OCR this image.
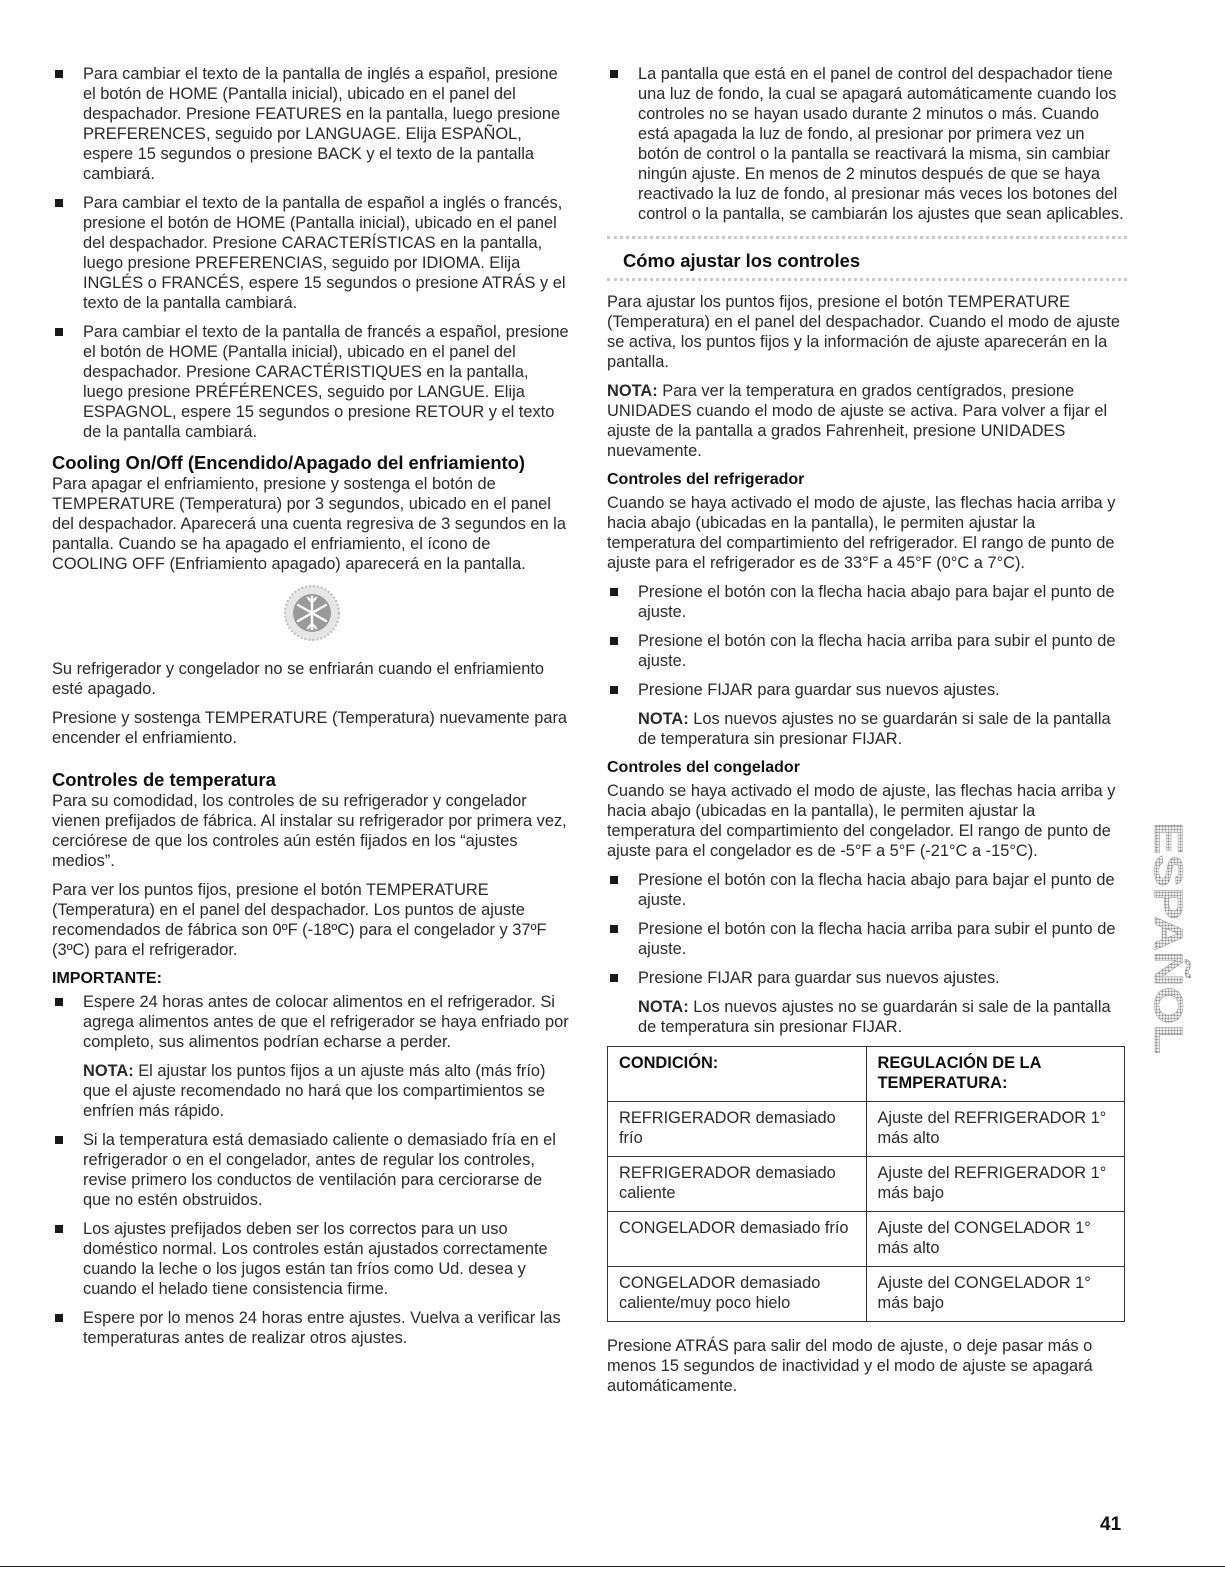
Para cambiar el texto de la pantalla de inglés a español, presione el botón de HOME (Pantalla inicial), ubicado en el panel del despachador. Presione FEATURES en la pantalla, luego presione PREFERENCES, seguido por LANGUAGE. Elija ESPAÑOL, espere 15 segundos o presione BACK y el texto de la pantalla cambiará.
Para cambiar el texto de la pantalla de español a inglés o francés, presione el botón de HOME (Pantalla inicial), ubicado en el panel del despachador. Presione CARACTERÍSTICAS en la pantalla, luego presione PREFERENCIAS, seguido por IDIOMA. Elija INGLÉS o FRANCÉS, espere 15 segundos o presione ATRÁS y el texto de la pantalla cambiará.
Para cambiar el texto de la pantalla de francés a español, presione el botón de HOME (Pantalla inicial), ubicado en el panel del despachador. Presione CARACTÉRISTIQUES en la pantalla, luego presione PRÉFÉRENCES, seguido por LANGUE. Elija ESPAGNOL, espere 15 segundos o presione RETOUR y el texto de la pantalla cambiará.
Cooling On/Off (Encendido/Apagado del enfriamiento)

Para apagar el enfriamiento, presione y sostenga el botón de TEMPERATURE (Temperatura) por 3 segundos, ubicado en el panel del despachador. Aparecerá una cuenta regresiva de 3 segundos en la pantalla. Cuando se ha apagado el enfriamiento, el ícono de COOLING OFF (Enfriamiento apagado) aparecerá en la pantalla.

Su refrigerador y congelador no se enfriarán cuando el enfriamiento esté apagado.

Presione y sostenga TEMPERATURE (Temperatura) nuevamente para encender el enfriamiento.

Controles de temperatura

Para su comodidad, los controles de su refrigerador y congelador vienen prefijados de fábrica. Al instalar su refrigerador por primera vez, cerciórese de que los controles aún estén fijados en los “ajustes medios”.

Para ver los puntos fijos, presione el botón TEMPERATURE (Temperatura) en el panel del despachador. Los puntos de ajuste recomendados de fábrica son 0ºF (-18ºC) para el congelador y 37ºF (3ºC) para el refrigerador.

IMPORTANTE:
Espere 24 horas antes de colocar alimentos en el refrigerador. Si agrega alimentos antes de que el refrigerador se haya enfriado por completo, sus alimentos podrían echarse a perder.
NOTA: El ajustar los puntos fijos a un ajuste más alto (más frío) que el ajuste recomendado no hará que los compartimientos se enfríen más rápido.
Si la temperatura está demasiado caliente o demasiado fría en el refrigerador o en el congelador, antes de regular los controles, revise primero los conductos de ventilación para cerciorarse de que no estén obstruidos.
Los ajustes prefijados deben ser los correctos para un uso doméstico normal. Los controles están ajustados correctamente cuando la leche o los jugos están tan fríos como Ud. desea y cuando el helado tiene consistencia firme.
Espere por lo menos 24 horas entre ajustes. Vuelva a verificar las temperaturas antes de realizar otros ajustes.
La pantalla que está en el panel de control del despachador tiene una luz de fondo, la cual se apagará automáticamente cuando los controles no se hayan usado durante 2 minutos o más. Cuando está apagada la luz de fondo, al presionar por primera vez un botón de control o la pantalla se reactivará la misma, sin cambiar ningún ajuste. En menos de 2 minutos después de que se haya reactivado la luz de fondo, al presionar más veces los botones del control o la pantalla, se cambiarán los ajustes que sean aplicables.
Cómo ajustar los controles

Para ajustar los puntos fijos, presione el botón TEMPERATURE (Temperatura) en el panel del despachador. Cuando el modo de ajuste se activa, los puntos fijos y la información de ajuste aparecerán en la pantalla.

NOTA: Para ver la temperatura en grados centígrados, presione UNIDADES cuando el modo de ajuste se activa. Para volver a fijar el ajuste de la pantalla a grados Fahrenheit, presione UNIDADES nuevamente.

Controles del refrigerador

Cuando se haya activado el modo de ajuste, las flechas hacia arriba y hacia abajo (ubicadas en la pantalla), le permiten ajustar la temperatura del compartimiento del refrigerador. El rango de punto de ajuste para el refrigerador es de 33°F a 45°F (0°C a 7°C).

Presione el botón con la flecha hacia abajo para bajar el punto de ajuste.
Presione el botón con la flecha hacia arriba para subir el punto de ajuste.
Presione FIJAR para guardar sus nuevos ajustes.
NOTA: Los nuevos ajustes no se guardarán si sale de la pantalla de temperatura sin presionar FIJAR.
Controles del congelador

Cuando se haya activado el modo de ajuste, las flechas hacia arriba y hacia abajo (ubicadas en la pantalla), le permiten ajustar la temperatura del compartimiento del congelador. El rango de punto de ajuste para el congelador es de -5°F a 5°F (-21°C a -15°C).

Presione el botón con la flecha hacia abajo para bajar el punto de ajuste.
Presione el botón con la flecha hacia arriba para subir el punto de ajuste.
Presione FIJAR para guardar sus nuevos ajustes.
NOTA: Los nuevos ajustes no se guardarán si sale de la pantalla de temperatura sin presionar FIJAR.
CONDICIÓN:	REGULACIÓN DE LA TEMPERATURA:
REFRIGERADOR demasiado frío	Ajuste del REFRIGERADOR 1° más alto
REFRIGERADOR demasiado caliente	Ajuste del REFRIGERADOR 1° más bajo
CONGELADOR demasiado frío	Ajuste del CONGELADOR 1° más alto
CONGELADOR demasiado caliente/muy poco hielo	Ajuste del CONGELADOR 1° más bajo

Presione ATRÁS para salir del modo de ajuste, o deje pasar más o menos 15 segundos de inactividad y el modo de ajuste se apagará automáticamente.

ESPAÑOL
41
